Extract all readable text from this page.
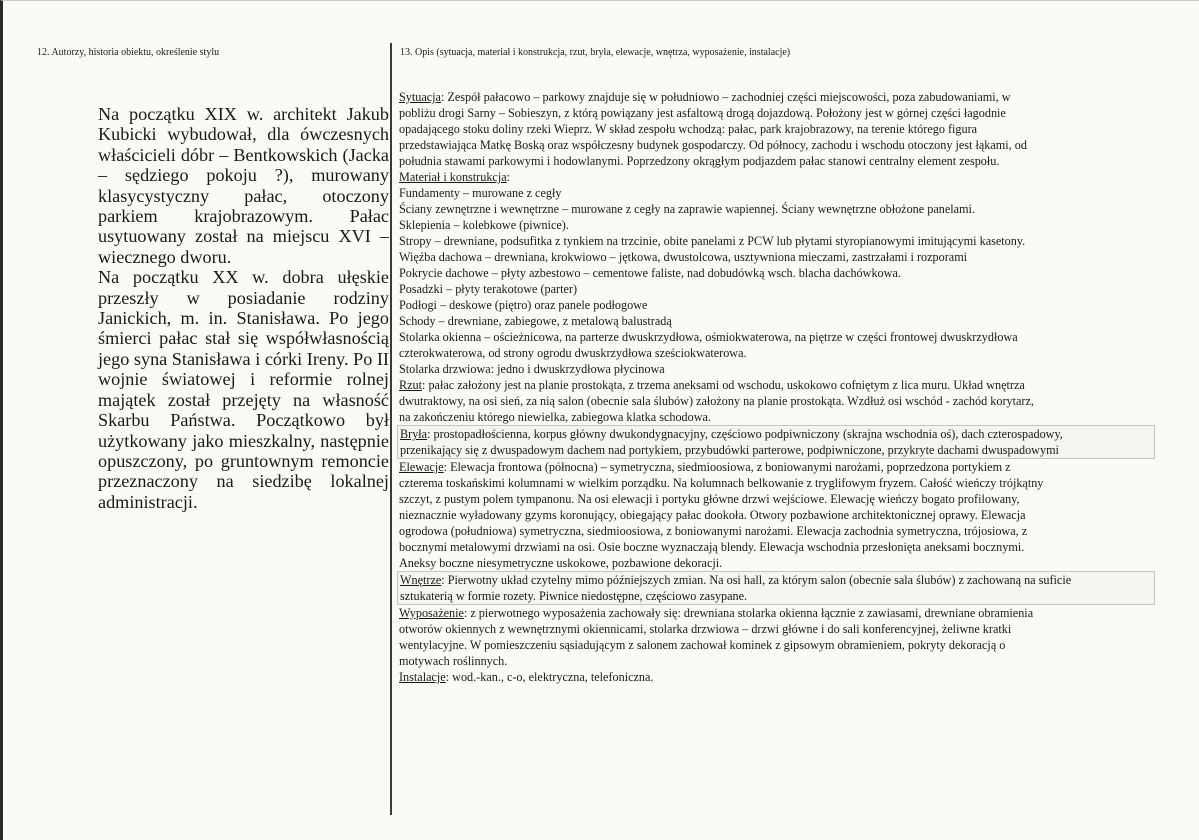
12. Autorzy, historia obiektu, określenie stylu	13. Opis (sytuacja, materiał i konstrukcja, rzut, bryła, elewacje, wnętrza, wyposażenie, instalacje)

Na początku XIX w. architekt Jakub Kubicki wybudował, dla ówczesnych właścicieli dóbr – Bentkowskich (Jacka – sędziego pokoju ?), murowany klasycystyczny pałac, otoczony parkiem krajobrazowym. Pałac usytuowany został na miejscu XVI – wiecznego dworu.

Na początku XX w. dobra ułęskie przeszły w posiadanie rodziny Janickich, m. in. Stanisława. Po jego śmierci pałac stał się współwłasnością jego syna Stanisława i córki Ireny. Po II wojnie światowej i reformie rolnej majątek został przejęty na własność Skarbu Państwa. Początkowo był użytkowany jako mieszkalny, następnie opuszczony, po gruntownym remoncie przeznaczony na siedzibę lokalnej administracji.

Sytuacja: Zespół pałacowo – parkowy znajduje się w południowo – zachodniej części miejscowości, poza zabudowaniami, w
pobliżu drogi Sarny – Sobieszyn, z którą powiązany jest asfaltową drogą dojazdową. Położony jest w górnej części łagodnie
opadającego stoku doliny rzeki Wieprz. W skład zespołu wchodzą: pałac, park krajobrazowy, na terenie którego figura
przedstawiająca Matkę Boską oraz współczesny budynek gospodarczy. Od północy, zachodu i wschodu otoczony jest łąkami, od
południa stawami parkowymi i hodowlanymi. Poprzedzony okrągłym podjazdem pałac stanowi centralny element zespołu.
Materiał i konstrukcja:
Fundamenty – murowane z cegły
Ściany zewnętrzne i wewnętrzne – murowane z cegły na zaprawie wapiennej. Ściany wewnętrzne obłożone panelami.
Sklepienia – kolebkowe (piwnice).
Stropy – drewniane, podsufitka z tynkiem na trzcinie, obite panelami z PCW lub płytami styropianowymi imitującymi kasetony.
Więźba dachowa – drewniana, krokwiowo – jętkowa, dwustolcowa, usztywniona mieczami, zastrzałami i rozporami
Pokrycie dachowe – płyty azbestowo – cementowe faliste, nad dobudówką wsch. blacha dachówkowa.
Posadzki – płyty terakotowe (parter)
Podłogi – deskowe (piętro) oraz panele podłogowe
Schody – drewniane, zabiegowe, z metalową balustradą
Stolarka okienna – ościeżnicowa, na parterze dwuskrzydłowa, ośmiokwaterowa, na piętrze w części frontowej dwuskrzydłowa
czterokwaterowa, od strony ogrodu dwuskrzydłowa sześciokwaterowa.
Stolarka drzwiowa: jedno i dwuskrzydłowa płycinowa
Rzut: pałac założony jest na planie prostokąta, z trzema aneksami od wschodu, uskokowo cofniętym z lica muru. Układ wnętrza
dwutraktowy, na osi sień, za nią salon (obecnie sala ślubów) założony na planie prostokąta. Wzdłuż osi wschód - zachód korytarz,
na zakończeniu którego niewielka, zabiegowa klatka schodowa.
Bryła: prostopadłościenna, korpus główny dwukondygnacyjny, częściowo podpiwniczony (skrajna wschodnia oś), dach czterospadowy,
przenikający się z dwuspadowym dachem nad portykiem, przybudówki parterowe, podpiwniczone, przykryte dachami dwuspadowymi
Elewacje: Elewacja frontowa (północna) – symetryczna, siedmioosiowa, z boniowanymi narożami, poprzedzona portykiem z
czterema toskańskimi kolumnami w wielkim porządku. Na kolumnach belkowanie z tryglifowym fryzem. Całość wieńczy trójkątny
szczyt, z pustym polem tympanonu. Na osi elewacji i portyku główne drzwi wejściowe. Elewację wieńczy bogato profilowany,
nieznacznie wyładowany gzyms koronujący, obiegający pałac dookoła. Otwory pozbawione architektonicznej oprawy. Elewacja
ogrodowa (południowa) symetryczna, siedmioosiowa, z boniowanymi narożami. Elewacja zachodnia symetryczna, trójosiowa, z
bocznymi metalowymi drzwiami na osi. Osie boczne wyznaczają blendy. Elewacja wschodnia przesłonięta aneksami bocznymi.
Aneksy boczne niesymetryczne uskokowe, pozbawione dekoracji.
Wnętrze: Pierwotny układ czytelny mimo późniejszych zmian. Na osi hall, za którym salon (obecnie sala ślubów) z zachowaną na suficie
sztukaterią w formie rozety. Piwnice niedostępne, częściowo zasypane.
Wyposażenie: z pierwotnego wyposażenia zachowały się: drewniana stolarka okienna łącznie z zawiasami, drewniane obramienia
otworów okiennych z wewnętrznymi okiennicami, stolarka drzwiowa – drzwi główne i do sali konferencyjnej, żeliwne kratki
wentylacyjne. W pomieszczeniu sąsiadującym z salonem zachował kominek z gipsowym obramieniem, pokryty dekoracją o
motywach roślinnych.
Instalacje: wod.-kan., c-o, elektryczna, telefoniczna.
